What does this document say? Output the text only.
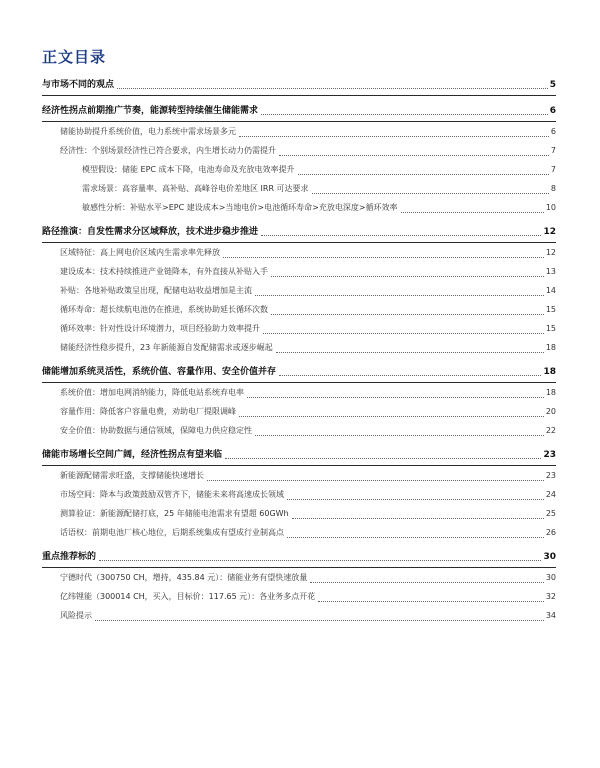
正文目录
与市场不同的观点	5
经济性拐点前期推广节奏，能源转型持续催生储能需求	6
储能协助提升系统价值，电力系统中需求场景多元	6
经济性：个别场景经济性已符合要求，内生增长动力仍需提升	7
模型假设：储能 EPC 成本下降，电池寿命及充放电效率提升	7
需求场景：高容量率、高补贴、高峰谷电价差地区 IRR 可达要求	8
敏感性分析：补贴水平>EPC 建设成本>当地电价>电池循环寿命>充放电深度>循环效率	10
路径推演：自发性需求分区域释放，技术进步稳步推进	12
区域特征：高上网电价区域内生需求率先释放	12
建设成本：技术持续推进产业链降本，有外直接从补贴入手	13
补贴：各地补贴政策呈出现，配储电站收益增加是主流	14
循环寿命：超长续航电池仍在推进，系统协助延长循环次数	15
循环效率：针对性设计环境潜力，项目经验助力效率提升	15
储能经济性稳步提升，23 年新能源自发配储需求或逐步崛起	18
储能增加系统灵活性，系统价值、容量作用、安全价值并存	18
系统价值：增加电网消纳能力，降低电站系统弃电率	18
容量作用：降低客户容量电费，劝助电厂提限调峰	20
安全价值：协助数据与通信领域，保障电力供应稳定性	22
储能市场增长空间广阔，经济性拐点有望来临	23
新能源配储需求旺盛，支撑储能快速增长	23
市场空间：降本与政策鼓励双管齐下，储能未来将高速成长领域	24
测算验证：新能源配储打底，25 年储能电池需求有望超 60GWh	25
话语权：前期电池厂核心地位，后期系统集成有望成行业制高点	26
重点推荐标的	30
宁德时代（300750 CH，增持，435.84 元）：储能业务有望快速放量	30
亿纬锂能（300014 CH，买入，目标价：117.65 元）：各业务多点开花	32
风险提示	34
